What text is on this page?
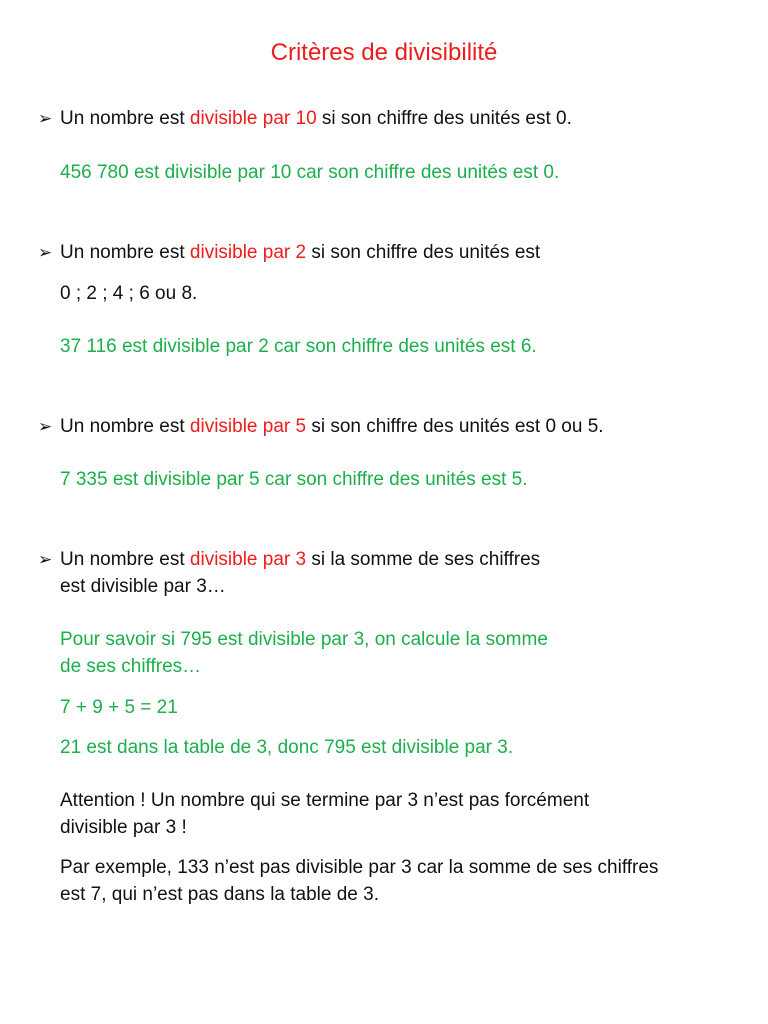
Critères de divisibilité
➢ Un nombre est divisible par 10 si son chiffre des unités est 0.
456 780 est divisible par 10 car son chiffre des unités est 0.
➢ Un nombre est divisible par 2 si son chiffre des unités est
0 ; 2 ; 4 ; 6 ou 8.
37 116 est divisible par 2 car son chiffre des unités est 6.
➢ Un nombre est divisible par 5 si son chiffre des unités est 0 ou 5.
7 335 est divisible par 5 car son chiffre des unités est 5.
➢ Un nombre est divisible par 3 si la somme de ses chiffres
est divisible par 3…
Pour savoir si 795 est divisible par 3, on calcule la somme
de ses chiffres…
7 + 9 + 5 = 21
21 est dans la table de 3, donc 795 est divisible par 3.
Attention ! Un nombre qui se termine par 3 n’est pas forcément
divisible par 3 !
Par exemple, 133 n’est pas divisible par 3 car la somme de ses chiffres
est 7, qui n’est pas dans la table de 3.
